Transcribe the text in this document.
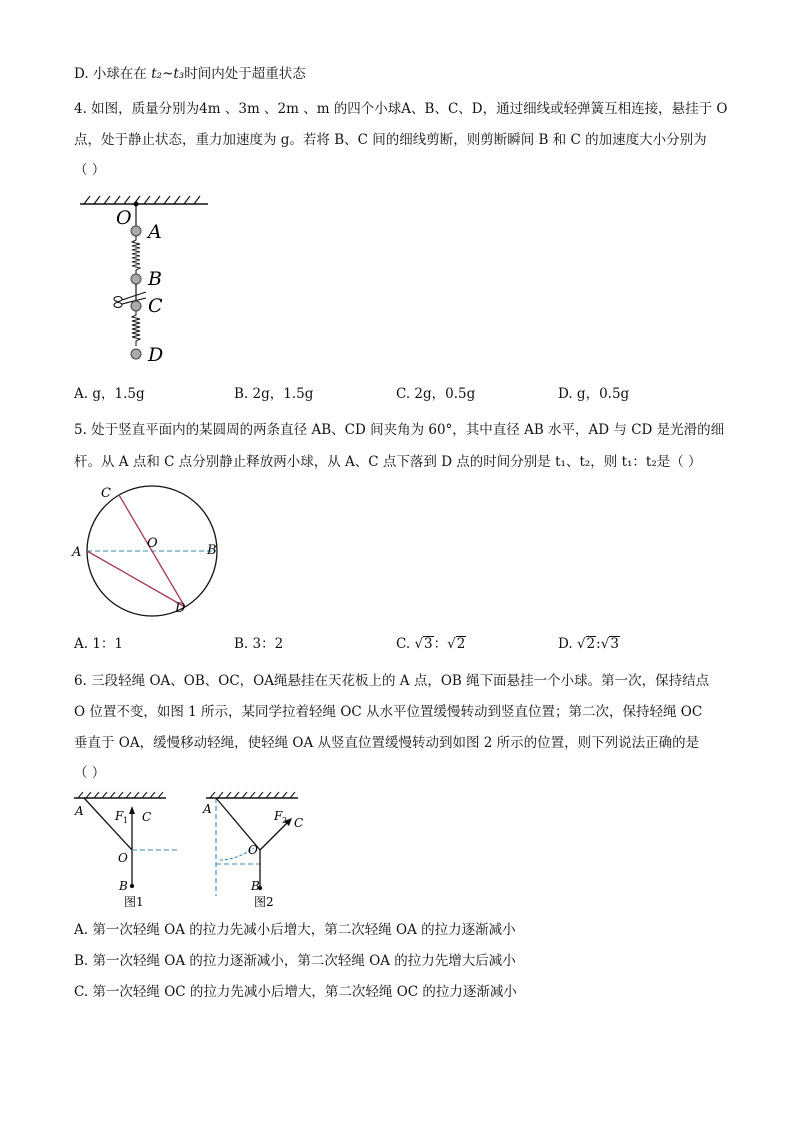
D. 小球在在 t₂~t₃时间内处于超重状态
4. 如图，质量分别为4m 、3m 、2m 、m 的四个小球A、B、C、D，通过细线或轻弹簧互相连接，悬挂于 O
点，处于静止状态，重力加速度为 g。若将 B、C 间的细线剪断，则剪断瞬间 B 和 C 的加速度大小分别为
（ ）
O
A
B
C
D
A. g，1.5g	B. 2g，1.5g	C. 2g，0.5g	D. g，0.5g
5. 处于竖直平面内的某圆周的两条直径 AB、CD 间夹角为 60°，其中直径 AB 水平，AD 与 CD 是光滑的细
杆。从 A 点和 C 点分别静止释放两小球，从 A、C 点下落到 D 点的时间分别是 t₁、t₂，则 t₁：t₂是（ ）
C
A
O	B
D
A. 1：1	B. 3：2	C. √3：√2	D. √2:√3
6. 三段轻绳 OA、OB、OC，OA绳悬挂在天花板上的 A 点，OB 绳下面悬挂一个小球。第一次，保持结点
O 位置不变，如图 1 所示，某同学拉着轻绳 OC 从水平位置缓慢转动到竖直位置；第二次，保持轻绳 OC
垂直于 OA，缓慢移动轻绳，使轻绳 OA 从竖直位置缓慢转动到如图 2 所示的位置，则下列说法正确的是
（ ）
A	F 1 C
O
B
图1
A	F 2 C
O
B
图2
A. 第一次轻绳 OA 的拉力先减小后增大，第二次轻绳 OA 的拉力逐渐减小
B. 第一次轻绳 OA 的拉力逐渐减小，第二次轻绳 OA 的拉力先增大后减小
C. 第一次轻绳 OC 的拉力先减小后增大，第二次轻绳 OC 的拉力逐渐减小
